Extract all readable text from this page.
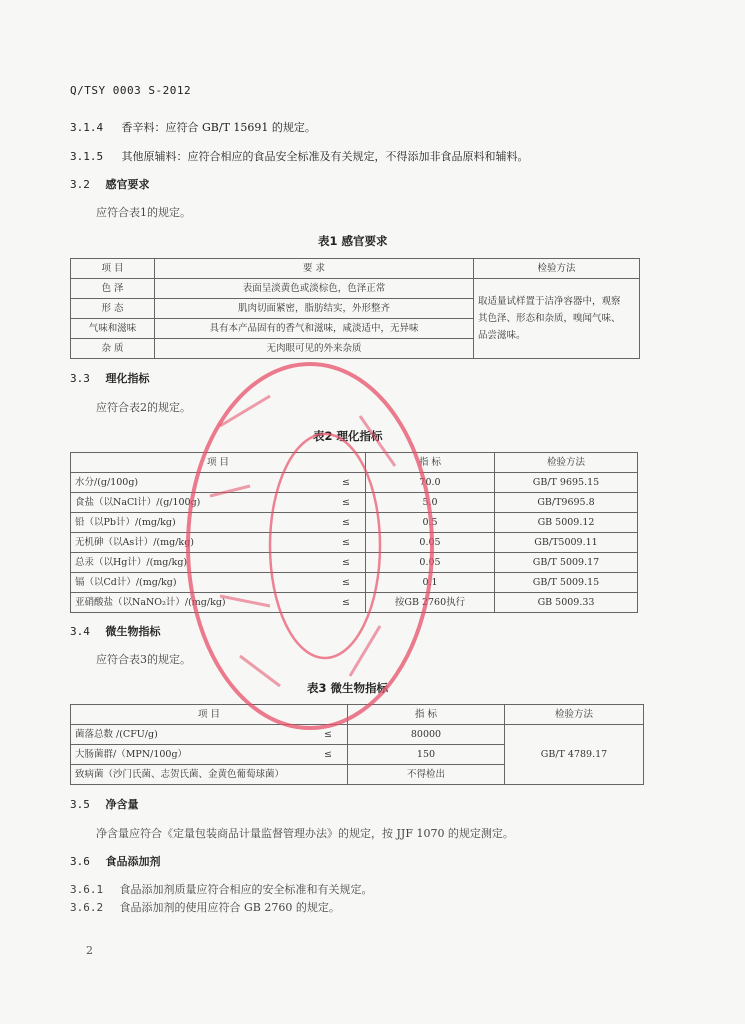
Q/TSY 0003 S-2012
3.1.4 香辛料：应符合 GB/T 15691 的规定。
3.1.5 其他原辅料：应符合相应的食品安全标准及有关规定，不得添加非食品原料和辅料。
3.2 感官要求
应符合表1的规定。
表1 感官要求
项 目	要 求	检验方法
色 泽	表面呈淡黄色或淡棕色，色泽正常	取适量试样置于洁净容器中，观察
其色泽、形态和杂质，嗅闻气味、
品尝滋味。

形 态	肌肉切面紧密，脂肪结实，外形整齐	
气味和滋味	具有本产品固有的香气和滋味，咸淡适中，无异味	
杂 质	无肉眼可见的外来杂质	
3.3 理化指标
应符合表2的规定。
表2 理化指标
项 目		指 标	检验方法
水分/(g/100g)	≤	70.0	GB/T 9695.15
食盐（以NaCl计）/(g/100g)	≤	5.0	GB/T9695.8
铅（以Pb计）/(mg/kg)	≤	0.5	GB 5009.12
无机砷（以As计）/(mg/kg)	≤	0.05	GB/T5009.11
总汞（以Hg计）/(mg/kg)	≤	0.05	GB/T 5009.17
镉（以Cd计）/(mg/kg)	≤	0.1	GB/T 5009.15
亚硝酸盐（以NaNO₂计）/(mg/kg)	≤	按GB 2760执行	GB 5009.33
3.4 微生物指标
应符合表3的规定。
表3 微生物指标
项 目		指 标	检验方法
菌落总数 /(CFU/g)	≤	80000	GB/T 4789.17
大肠菌群/（MPN/100g）	≤	150	
致病菌（沙门氏菌、志贺氏菌、金黄色葡萄球菌）		不得检出	
3.5 净含量
净含量应符合《定量包装商品计量监督管理办法》的规定，按 JJF 1070 的规定测定。
3.6 食品添加剂
3.6.1 食品添加剂质量应符合相应的安全标准和有关规定。
3.6.2 食品添加剂的使用应符合 GB 2760 的规定。
2
